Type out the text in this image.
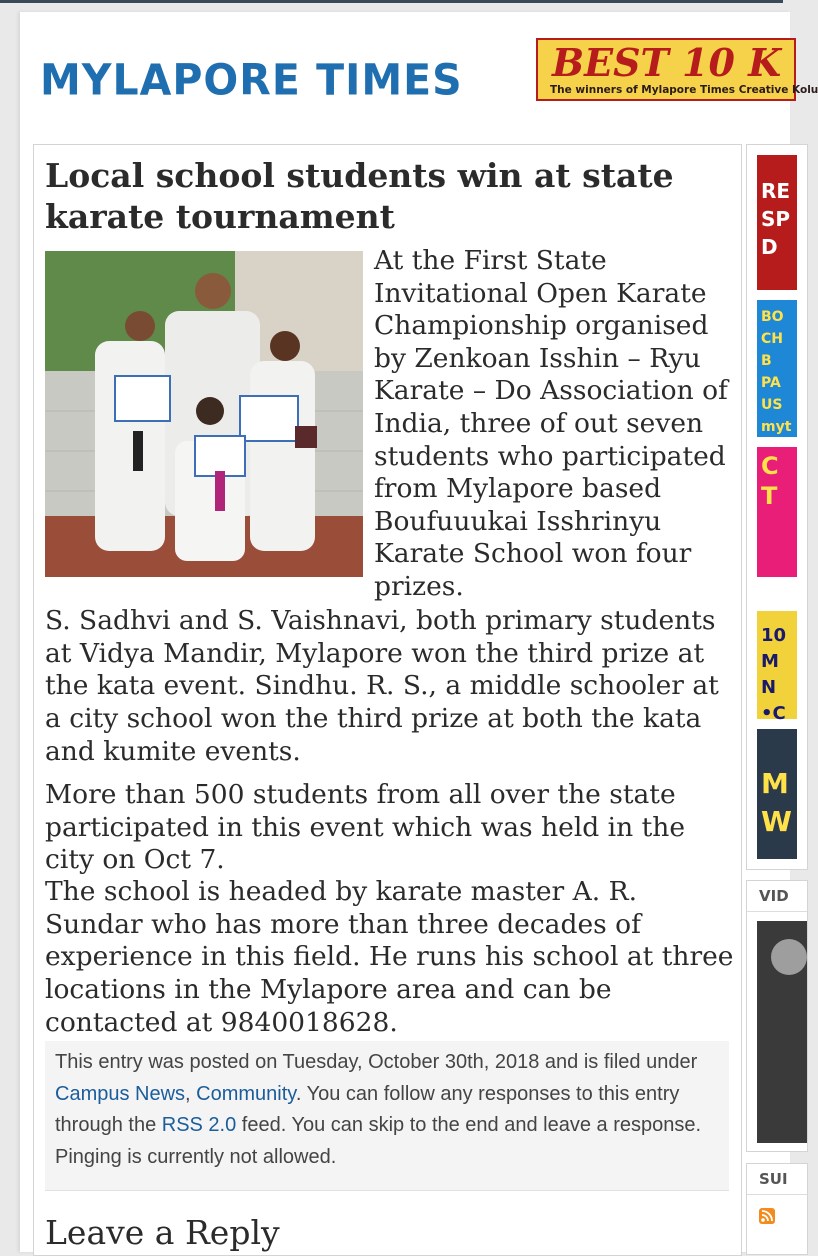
MYLAPORE TIMES BEST 10 K
The winners of Mylapore Times Creative Kolu
Local school students win at state karate tournament

At the First State Invitational Open Karate Championship organised by Zenkoan Isshin – Ryu Karate – Do Association of India, three of out seven students who participated from Mylapore based Boufuuukai Isshrinyu Karate School won four prizes.

S. Sadhvi and S. Vaishnavi, both primary students at Vidya Mandir, Mylapore won the third prize at the kata event. Sindhu. R. S., a middle schooler at a city school won the third prize at both the kata and kumite events.

More than 500 students from all over the state participated in this event which was held in the city on Oct 7.

The school is headed by karate master A. R. Sundar who has more than three decades of experience in this field. He runs his school at three locations in the Mylapore area and can be contacted at 9840018628.

This entry was posted on Tuesday, October 30th, 2018 and is filed under Campus News, Community. You can follow any responses to this entry through the RSS 2.0 feed. You can skip to the end and leave a response. Pinging is currently not allowed.
Leave a Reply
RE SP D
BO CH B PA US myt
C T
10 M N •C
M W
VID
SUI
